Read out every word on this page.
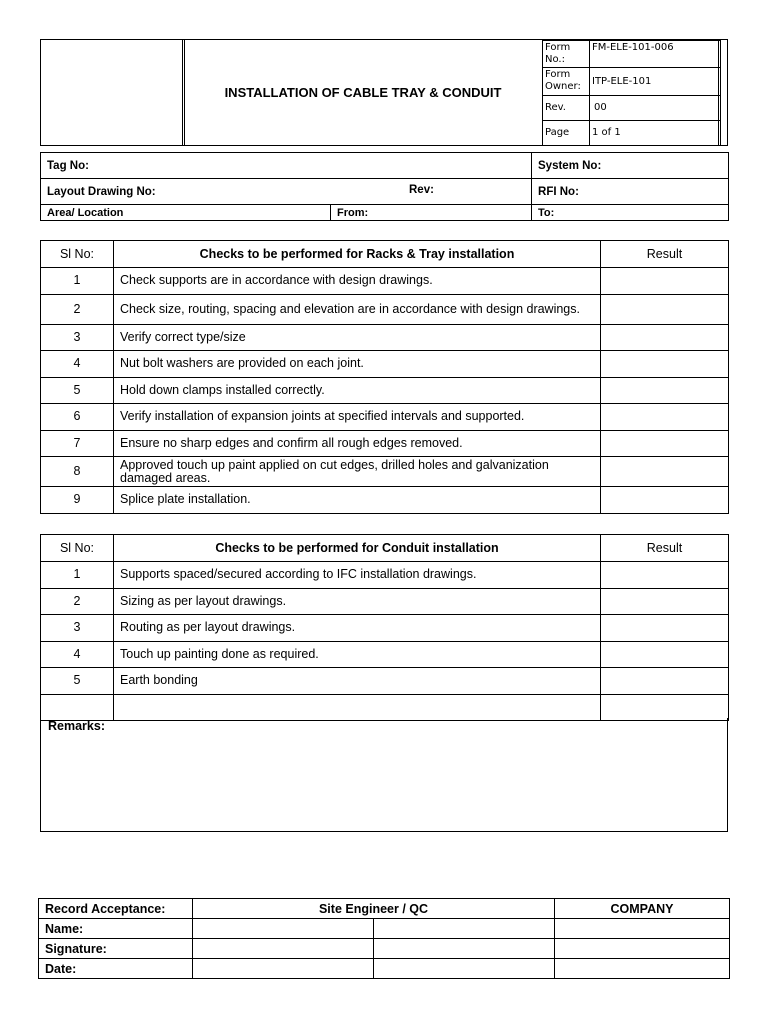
INSTALLATION OF CABLE TRAY & CONDUIT
Form No.:	FM-ELE-101-006
Form Owner:	ITP-ELE-101
Rev.	00
Page	1 of 1
Tag No:		System No:
Layout Drawing No: Rev:		RFI No:
Area/ Location	From:	To:
Sl No:	Checks to be performed for Racks & Tray installation	Result
1	Check supports are in accordance with design drawings.	
2	Check size, routing, spacing and elevation are in accordance with design drawings.	
3	Verify correct type/size	
4	Nut bolt washers are provided on each joint.	
5	Hold down clamps installed correctly.	
6	Verify installation of expansion joints at specified intervals and supported.	
7	Ensure no sharp edges and confirm all rough edges removed.	
8	Approved touch up paint applied on cut edges, drilled holes and galvanization damaged areas.	
9	Splice plate installation.	
Sl No:	Checks to be performed for Conduit installation	Result
1	Supports spaced/secured according to IFC installation drawings.	
2	Sizing as per layout drawings.	
3	Routing as per layout drawings.	
4	Touch up painting done as required.	
5	Earth bonding	

Remarks:
Record Acceptance:	Site Engineer / QC		COMPANY
Name:			
Signature:			
Date:			
